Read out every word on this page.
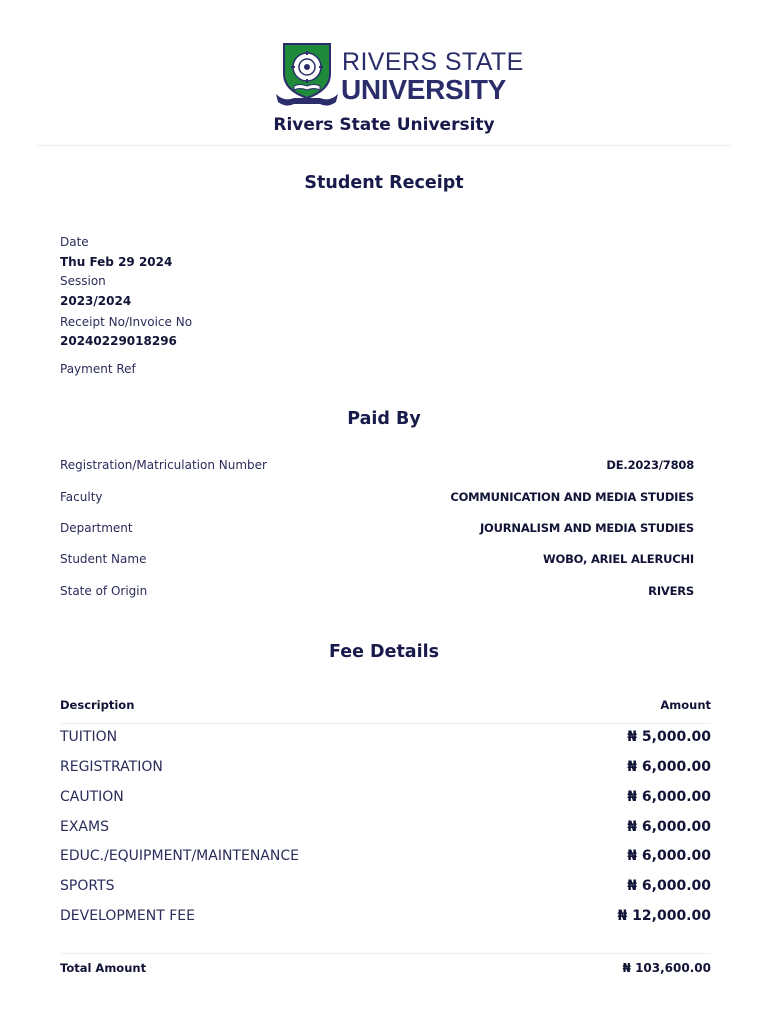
RIVERS STATE
UNIVERSITY
Rivers State University
Student Receipt
Date
Thu Feb 29 2024
Session
2023/2024
Receipt No/Invoice No
20240229018296
Payment Ref
Paid By
Registration/Matriculation Number	DE.2023/7808
Faculty	COMMUNICATION AND MEDIA STUDIES
Department	JOURNALISM AND MEDIA STUDIES
Student Name	WOBO, ARIEL ALERUCHI
State of Origin	RIVERS
Fee Details
Description	Amount
TUITION	₦ 5,000.00
REGISTRATION	₦ 6,000.00
CAUTION	₦ 6,000.00
EXAMS	₦ 6,000.00
EDUC./EQUIPMENT/MAINTENANCE	₦ 6,000.00
SPORTS	₦ 6,000.00
DEVELOPMENT FEE	₦ 12,000.00
Total Amount	₦ 103,600.00
